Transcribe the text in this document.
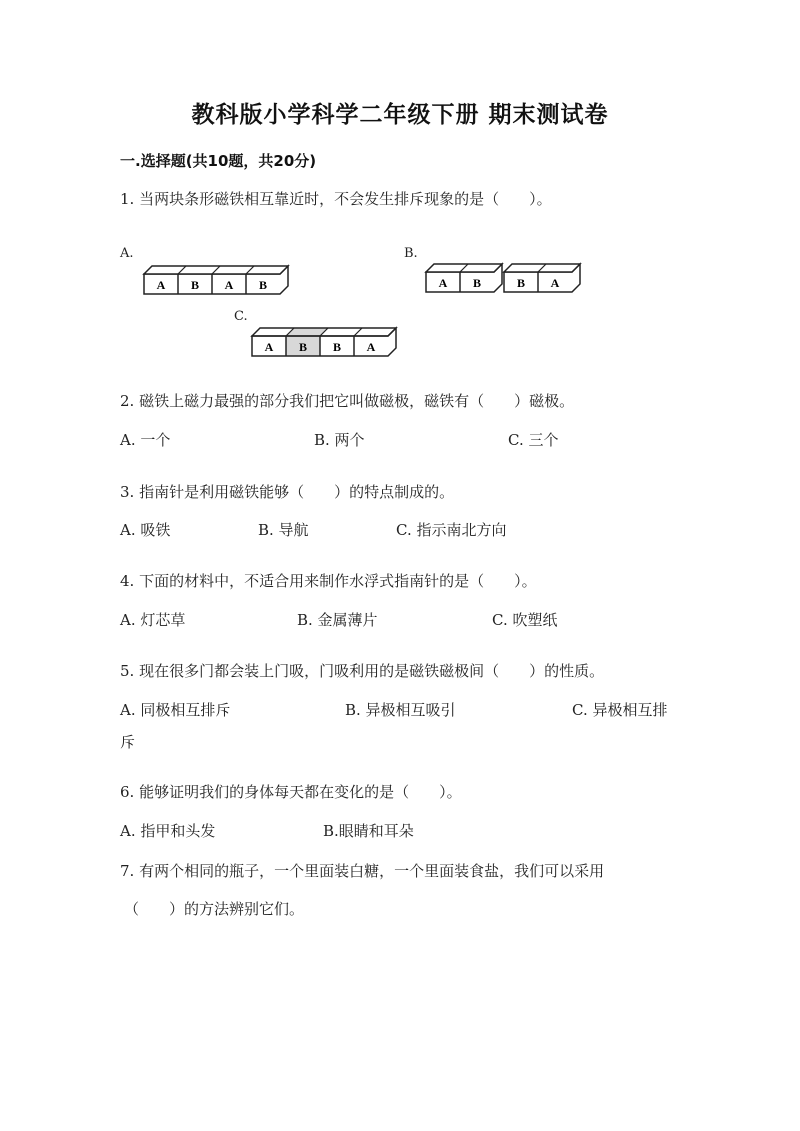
教科版小学科学二年级下册 期末测试卷
一.选择题(共10题，共20分)
1. 当两块条形磁铁相互靠近时，不会发生排斥现象的是（　　）。
A.
A B A B
B.
A B	B A
C.
A B B A
2. 磁铁上磁力最强的部分我们把它叫做磁极，磁铁有（　　）磁极。
A. 一个	B. 两个	C. 三个
3. 指南针是利用磁铁能够（　　）的特点制成的。
A. 吸铁	B. 导航	C. 指示南北方向
4. 下面的材料中，不适合用来制作水浮式指南针的是（　　）。
A. 灯芯草	B. 金属薄片	C. 吹塑纸
5. 现在很多门都会装上门吸，门吸利用的是磁铁磁极间（　　）的性质。
A. 同极相互排斥	B. 异极相互吸引	C. 异极相互排
斥
6. 能够证明我们的身体每天都在变化的是（　　）。
A. 指甲和头发	B.眼睛和耳朵
7. 有两个相同的瓶子，一个里面装白糖，一个里面装食盐，我们可以采用
（　　）的方法辨别它们。
